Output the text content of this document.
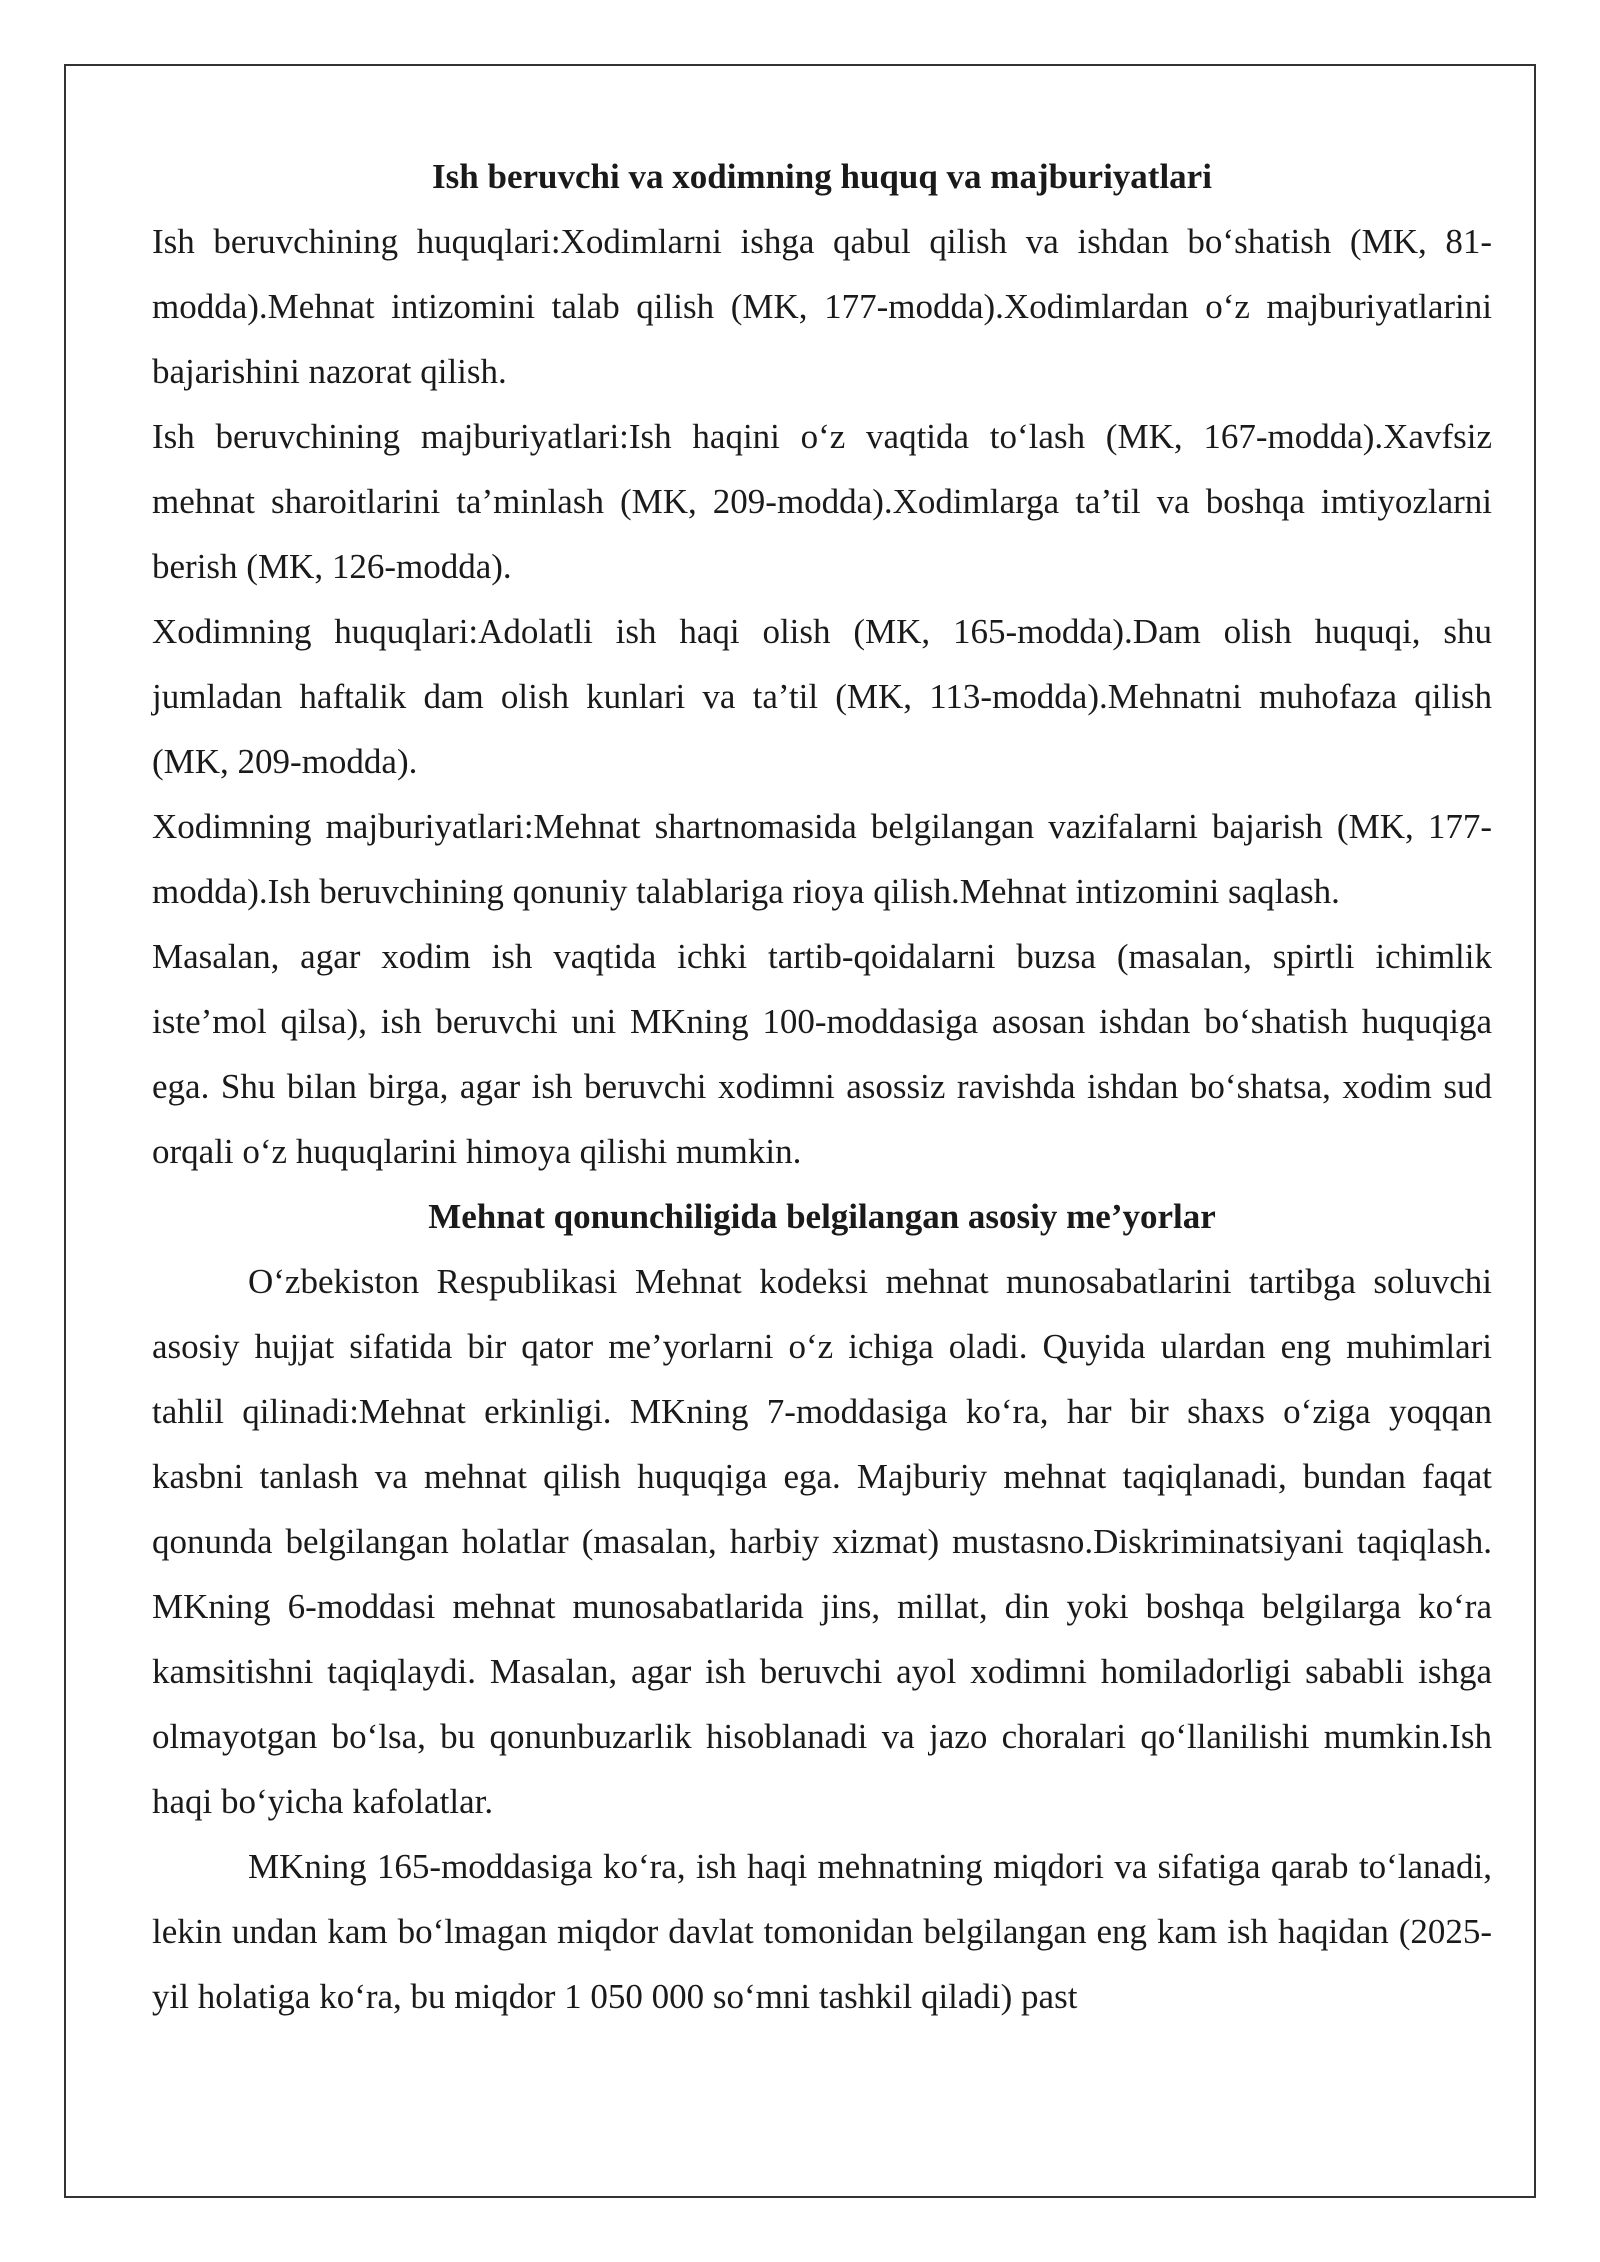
Ish beruvchi va xodimning huquq va majburiyatlari

Ish beruvchining huquqlari:Xodimlarni ishga qabul qilish va ishdan bo‘shatish (MK, 81-modda).Mehnat intizomini talab qilish (MK, 177-modda).Xodimlardan o‘z majburiyatlarini bajarishini nazorat qilish.

Ish beruvchining majburiyatlari:Ish haqini o‘z vaqtida to‘lash (MK, 167-modda).Xavfsiz mehnat sharoitlarini ta’minlash (MK, 209-modda).Xodimlarga ta’til va boshqa imtiyozlarni berish (MK, 126-modda).

Xodimning huquqlari:Adolatli ish haqi olish (MK, 165-modda).Dam olish huquqi, shu jumladan haftalik dam olish kunlari va ta’til (MK, 113-modda).Mehnatni muhofaza qilish (MK, 209-modda).

Xodimning majburiyatlari:Mehnat shartnomasida belgilangan vazifalarni bajarish (MK, 177-modda).Ish beruvchining qonuniy talablariga rioya qilish.Mehnat intizomini saqlash.

Masalan, agar xodim ish vaqtida ichki tartib-qoidalarni buzsa (masalan, spirtli ichimlik iste’mol qilsa), ish beruvchi uni MKning 100-moddasiga asosan ishdan bo‘shatish huquqiga ega. Shu bilan birga, agar ish beruvchi xodimni asossiz ravishda ishdan bo‘shatsa, xodim sud orqali o‘z huquqlarini himoya qilishi mumkin.

Mehnat qonunchiligida belgilangan asosiy me’yorlar

O‘zbekiston Respublikasi Mehnat kodeksi mehnat munosabatlarini tartibga soluvchi asosiy hujjat sifatida bir qator me’yorlarni o‘z ichiga oladi. Quyida ulardan eng muhimlari tahlil qilinadi:Mehnat erkinligi. MKning 7-moddasiga ko‘ra, har bir shaxs o‘ziga yoqqan kasbni tanlash va mehnat qilish huquqiga ega. Majburiy mehnat taqiqlanadi, bundan faqat qonunda belgilangan holatlar (masalan, harbiy xizmat) mustasno.Diskriminatsiyani taqiqlash. MKning 6-moddasi mehnat munosabatlarida jins, millat, din yoki boshqa belgilarga ko‘ra kamsitishni taqiqlaydi. Masalan, agar ish beruvchi ayol xodimni homiladorligi sababli ishga olmayotgan bo‘lsa, bu qonunbuzarlik hisoblanadi va jazo choralari qo‘llanilishi mumkin.Ish haqi bo‘yicha kafolatlar.

MKning 165-moddasiga ko‘ra, ish haqi mehnatning miqdori va sifatiga qarab to‘lanadi, lekin undan kam bo‘lmagan miqdor davlat tomonidan belgilangan eng kam ish haqidan (2025-yil holatiga ko‘ra, bu miqdor 1 050 000 so‘mni tashkil qiladi) past
